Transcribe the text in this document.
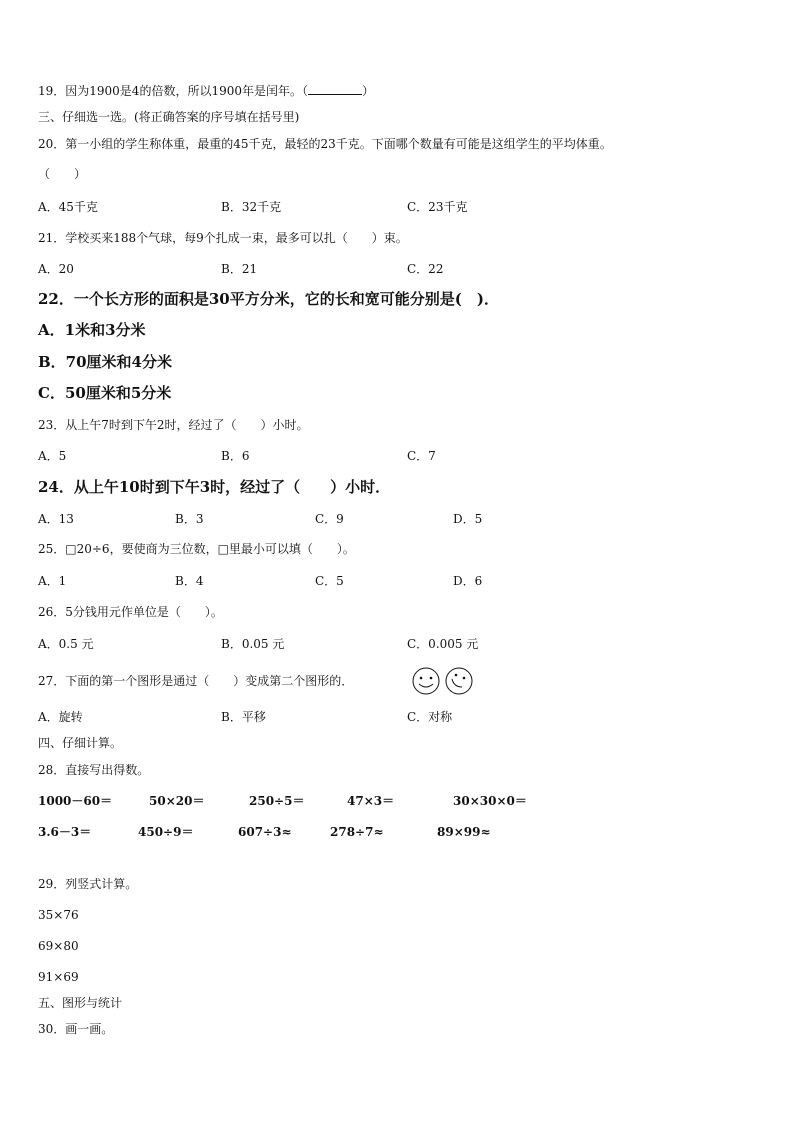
19．因为1900是4的倍数，所以1900年是闰年。（	）
三、仔细选一选。(将正确答案的序号填在括号里)
20．第一小组的学生称体重，最重的45千克，最轻的23千克。下面哪个数量有可能是这组学生的平均体重。
（　　）
A．45千克	B．32千克	C．23千克
21．学校买来188个气球，每9个扎成一束，最多可以扎（　　）束。
A．20	B．21	C．22
22．一个长方形的面积是30平方分米，它的长和宽可能分别是(　)．
A．1米和3分米
B．70厘米和4分米
C．50厘米和5分米
23．从上午7时到下午2时，经过了（　　）小时。
A．5	B．6	C．7
24．从上午10时到下午3时，经过了（　　）小时．
A．13	B．3	C．9	D．5
25．□20÷6，要使商为三位数，□里最小可以填（　　）。
A．1	B．4	C．5	D．6
26．5分钱用元作单位是（　　）。
A．0.5 元	B．0.05 元	C．0.005 元
27．下面的第一个图形是通过（　　）变成第二个图形的．
A．旋转	B．平移	C．对称
四、仔细计算。
28．直接写出得数。
1000－60＝	50×20＝	250÷5＝	47×3＝	30×30×0＝
3.6－3＝	450÷9＝	607÷3≈	278÷7≈	89×99≈
29．列竖式计算。
35×76
69×80
91×69
五、图形与统计
30．画一画。
